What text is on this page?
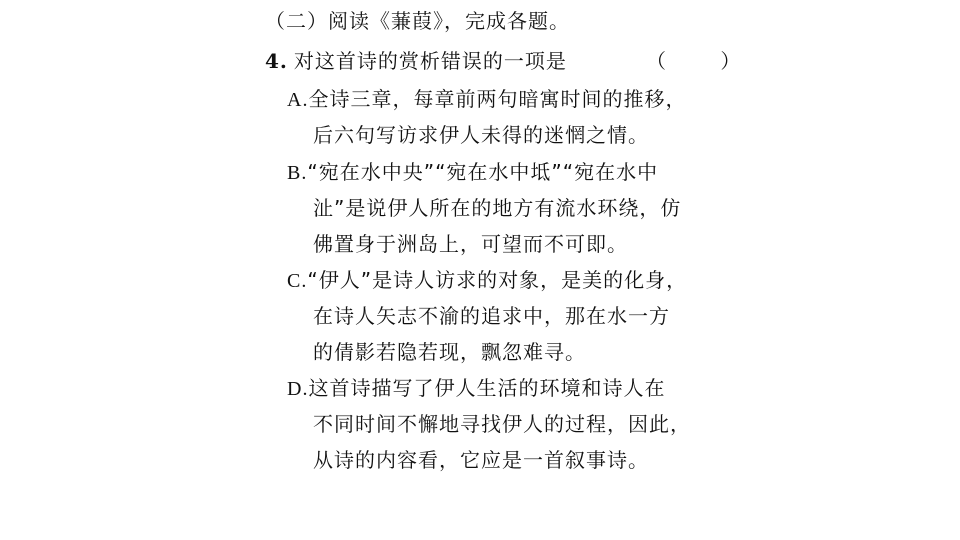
（二）阅读《蒹葭》，完成各题。
4. 对这首诗的赏析错误的一项是	（ ）
A.全诗三章，每章前两句暗寓时间的推移，
后六句写访求伊人未得的迷惘之情。
B.“宛在水中央”“宛在水中坻”“宛在水中
沚”是说伊人所在的地方有流水环绕，仿
佛置身于洲岛上，可望而不可即。
C.“伊人”是诗人访求的对象，是美的化身，
在诗人矢志不渝的追求中，那在水一方
的倩影若隐若现，飘忽难寻。
D.这首诗描写了伊人生活的环境和诗人在
不同时间不懈地寻找伊人的过程，因此，
从诗的内容看，它应是一首叙事诗。
